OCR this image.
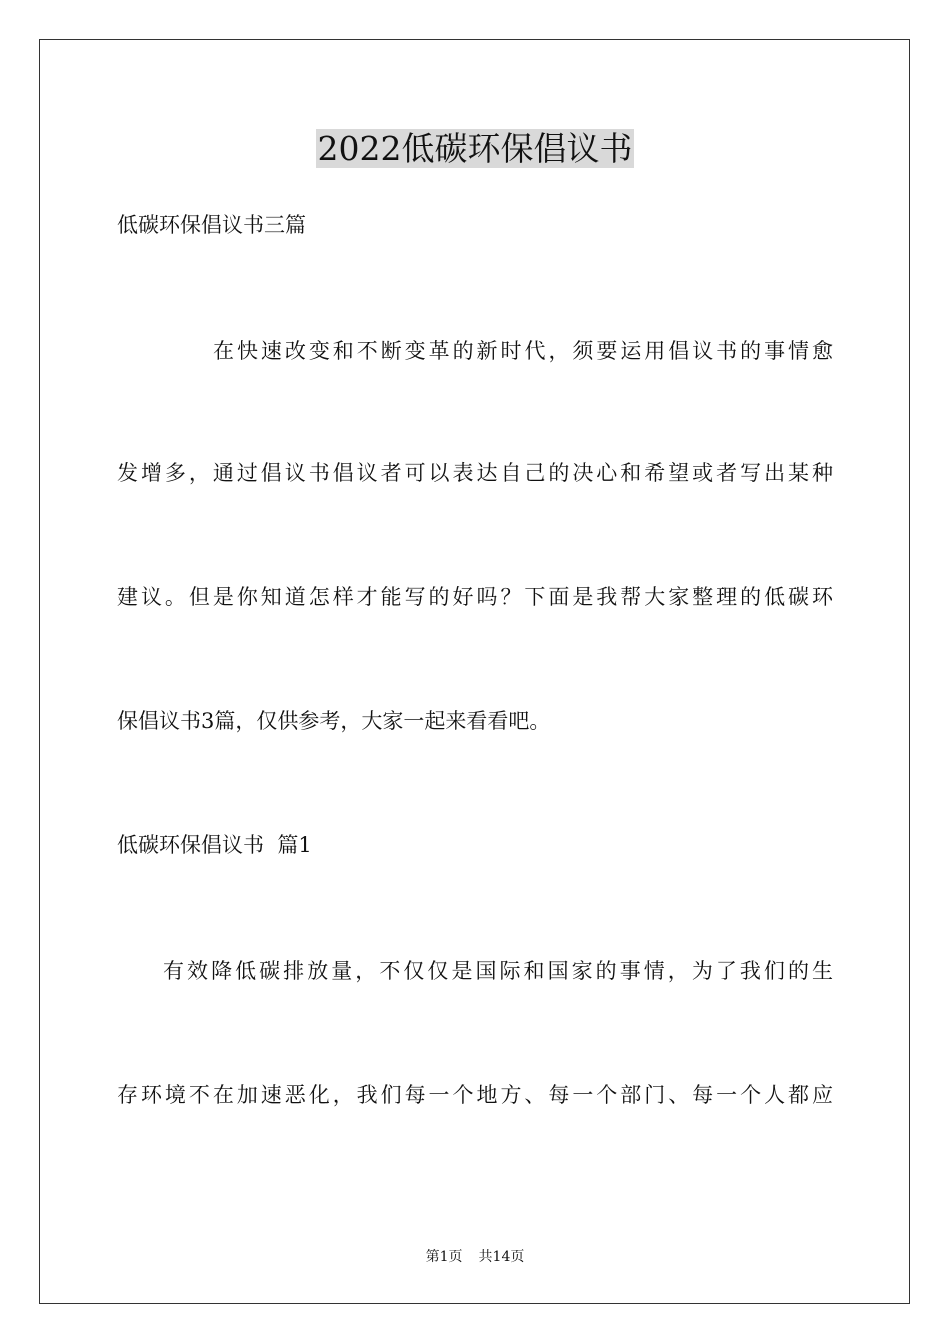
2022低碳环保倡议书
低碳环保倡议书三篇
在快速改变和不断变革的新时代，须要运用倡议书的事情愈
发增多，通过倡议书倡议者可以表达自己的决心和希望或者写出某种
建议。但是你知道怎样才能写的好吗？下面是我帮大家整理的低碳环
保倡议书3篇，仅供参考，大家一起来看看吧。
低碳环保倡议书  篇1
有效降低碳排放量，不仅仅是国际和国家的事情，为了我们的生
存环境不在加速恶化，我们每一个地方、每一个部门、每一个人都应
第1页 共14页
